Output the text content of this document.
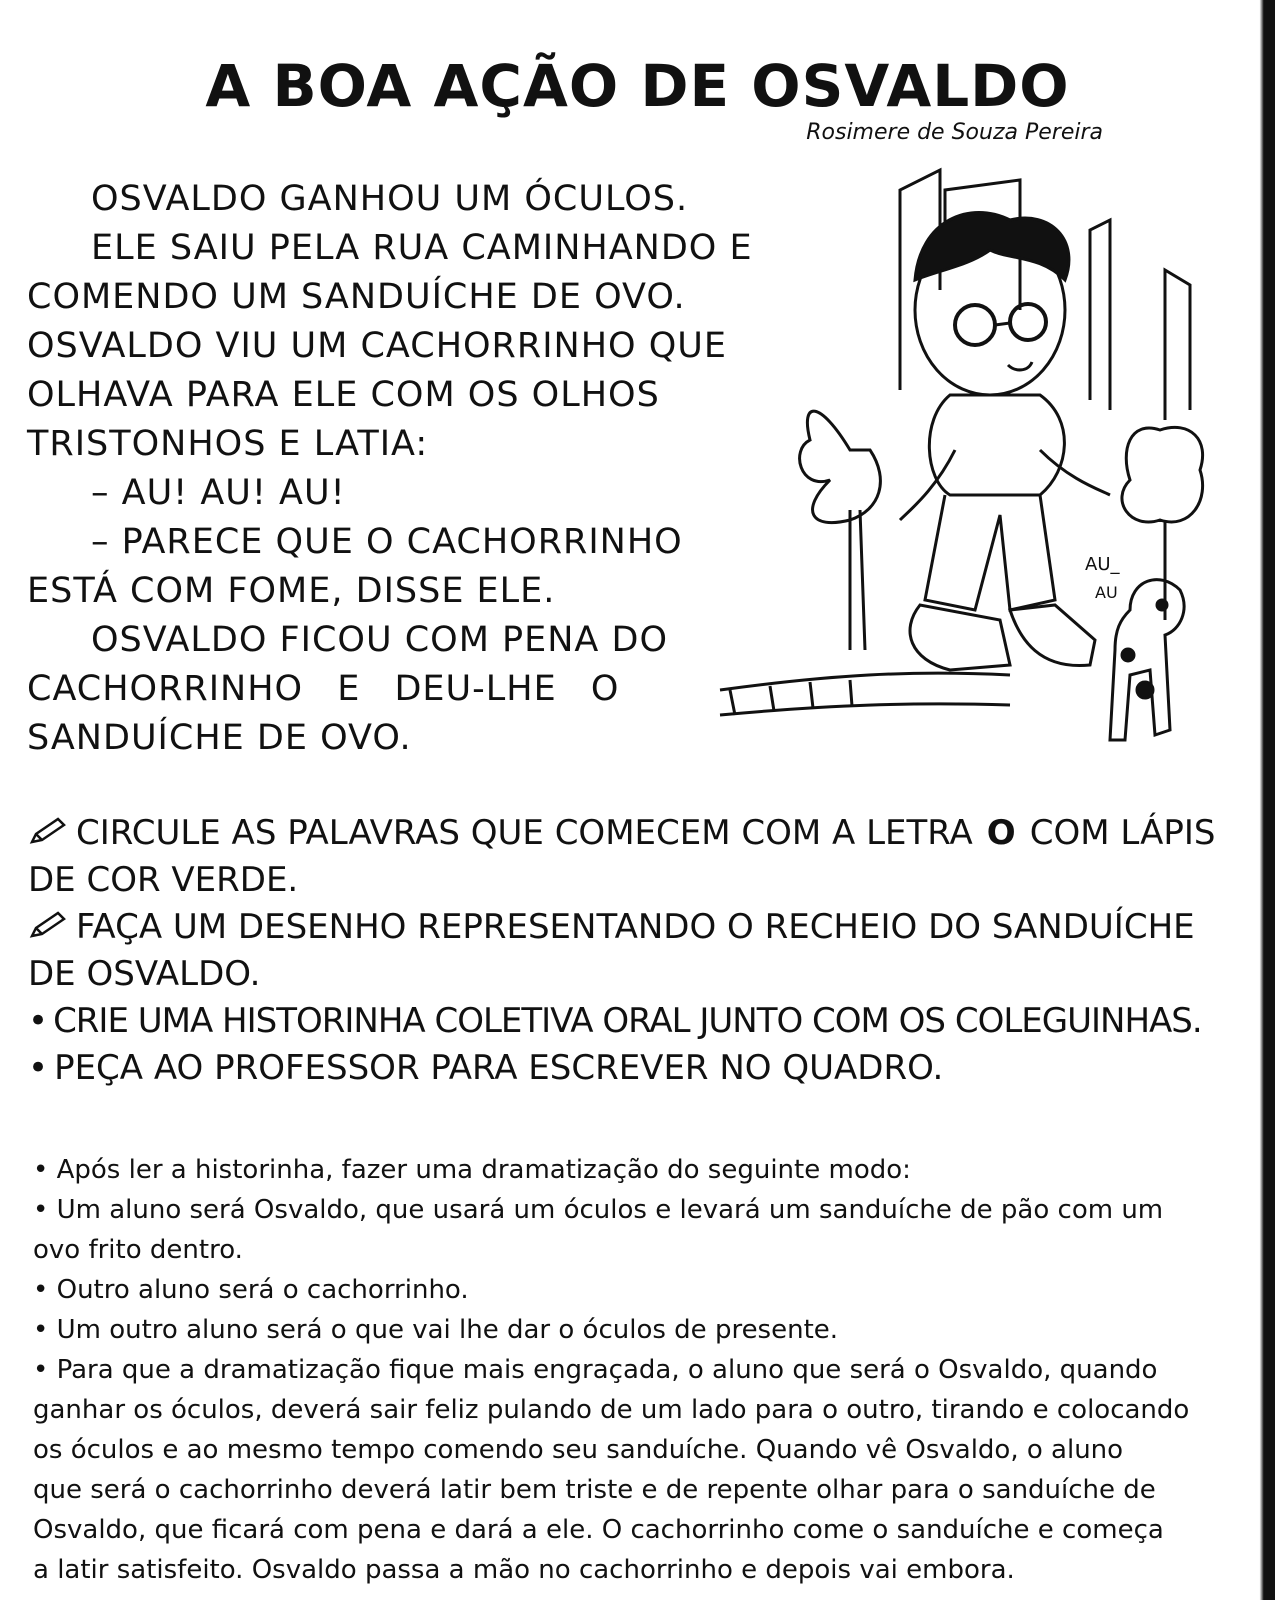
A BOA AÇÃO DE OSVALDO
Rosimere de Souza Pereira
OSVALDO GANHOU UM ÓCULOS.
ELE SAIU PELA RUA CAMINHANDO E
COMENDO UM SANDUÍCHE DE OVO.
OSVALDO VIU UM CACHORRINHO QUE
OLHAVA PARA ELE COM OS OLHOS
TRISTONHOS E LATIA:
– AU! AU! AU!
– PARECE QUE O CACHORRINHO
ESTÁ COM FOME, DISSE ELE.
OSVALDO FICOU COM PENA DO
CACHORRINHO E DEU-LHE O
SANDUÍCHE DE OVO.
AU_
AU
CIRCULE AS PALAVRAS QUE COMECEM COM A LETRA O COM LÁPIS
DE COR VERDE.
FAÇA UM DESENHO REPRESENTANDO O RECHEIO DO SANDUÍCHE
DE OSVALDO.
• CRIE UMA HISTORINHA COLETIVA ORAL JUNTO COM OS COLEGUINHAS.
• PEÇA AO PROFESSOR PARA ESCREVER NO QUADRO.
• Após ler a historinha, fazer uma dramatização do seguinte modo:
• Um aluno será Osvaldo, que usará um óculos e levará um sanduíche de pão com um
ovo frito dentro.
• Outro aluno será o cachorrinho.
• Um outro aluno será o que vai lhe dar o óculos de presente.
• Para que a dramatização fique mais engraçada, o aluno que será o Osvaldo, quando
ganhar os óculos, deverá sair feliz pulando de um lado para o outro, tirando e colocando
os óculos e ao mesmo tempo comendo seu sanduíche. Quando vê Osvaldo, o aluno
que será o cachorrinho deverá latir bem triste e de repente olhar para o sanduíche de
Osvaldo, que ficará com pena e dará a ele. O cachorrinho come o sanduíche e começa
a latir satisfeito. Osvaldo passa a mão no cachorrinho e depois vai embora.
